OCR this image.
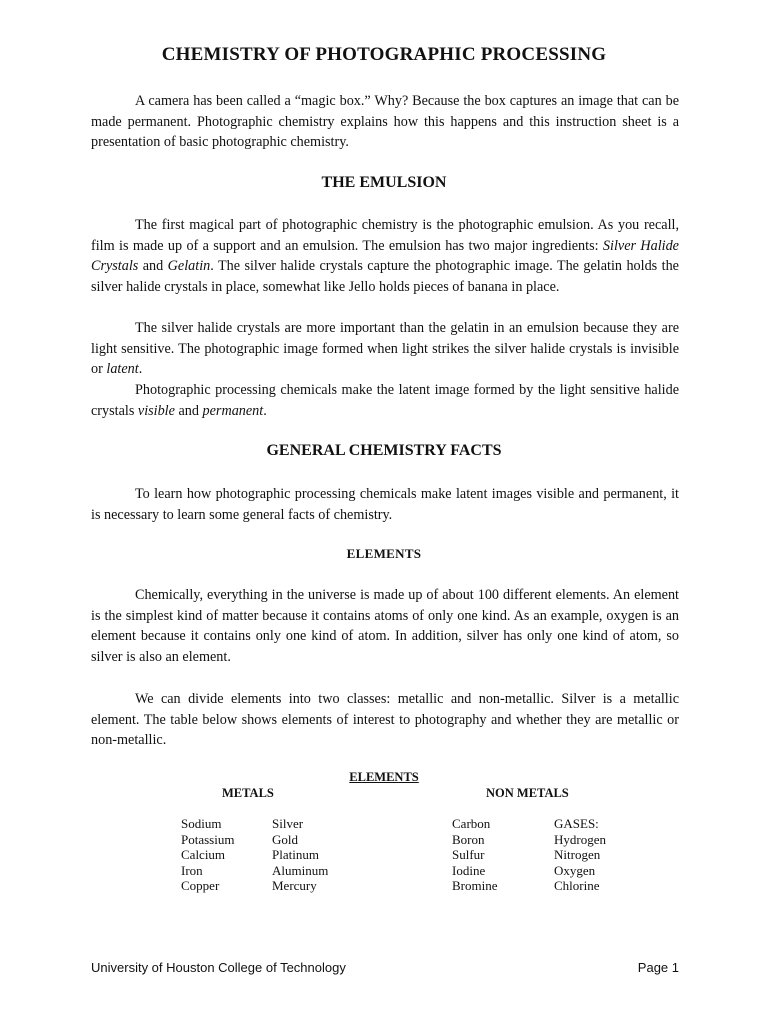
CHEMISTRY OF PHOTOGRAPHIC PROCESSING

A camera has been called a “magic box.” Why? Because the box captures an image that can be made permanent. Photographic chemistry explains how this happens and this instruction sheet is a presentation of basic photographic chemistry.

THE EMULSION

The first magical part of photographic chemistry is the photographic emulsion. As you recall, film is made up of a support and an emulsion. The emulsion has two major ingredients: Silver Halide Crystals and Gelatin. The silver halide crystals capture the photographic image. The gelatin holds the silver halide crystals in place, somewhat like Jello holds pieces of banana in place.

The silver halide crystals are more important than the gelatin in an emulsion because they are light sensitive. The photographic image formed when light strikes the silver halide crystals is invisible or latent.

Photographic processing chemicals make the latent image formed by the light sensitive halide crystals visible and permanent.

GENERAL CHEMISTRY FACTS

To learn how photographic processing chemicals make latent images visible and permanent, it is necessary to learn some general facts of chemistry.

ELEMENTS

Chemically, everything in the universe is made up of about 100 different elements. An element is the simplest kind of matter because it contains atoms of only one kind. As an example, oxygen is an element because it contains only one kind of atom. In addition, silver has only one kind of atom, so silver is also an element.

We can divide elements into two classes: metallic and non-metallic. Silver is a metallic element. The table below shows elements of interest to photography and whether they are metallic or non-metallic.

ELEMENTS
METALS	NON METALS
Sodium
Potassium
Calcium
Iron
Copper
Silver
Gold
Platinum
Aluminum
Mercury
Carbon
Boron
Sulfur
Iodine
Bromine
GASES:
Hydrogen
Nitrogen
Oxygen
Chlorine
University of Houston College of Technology	Page 1
